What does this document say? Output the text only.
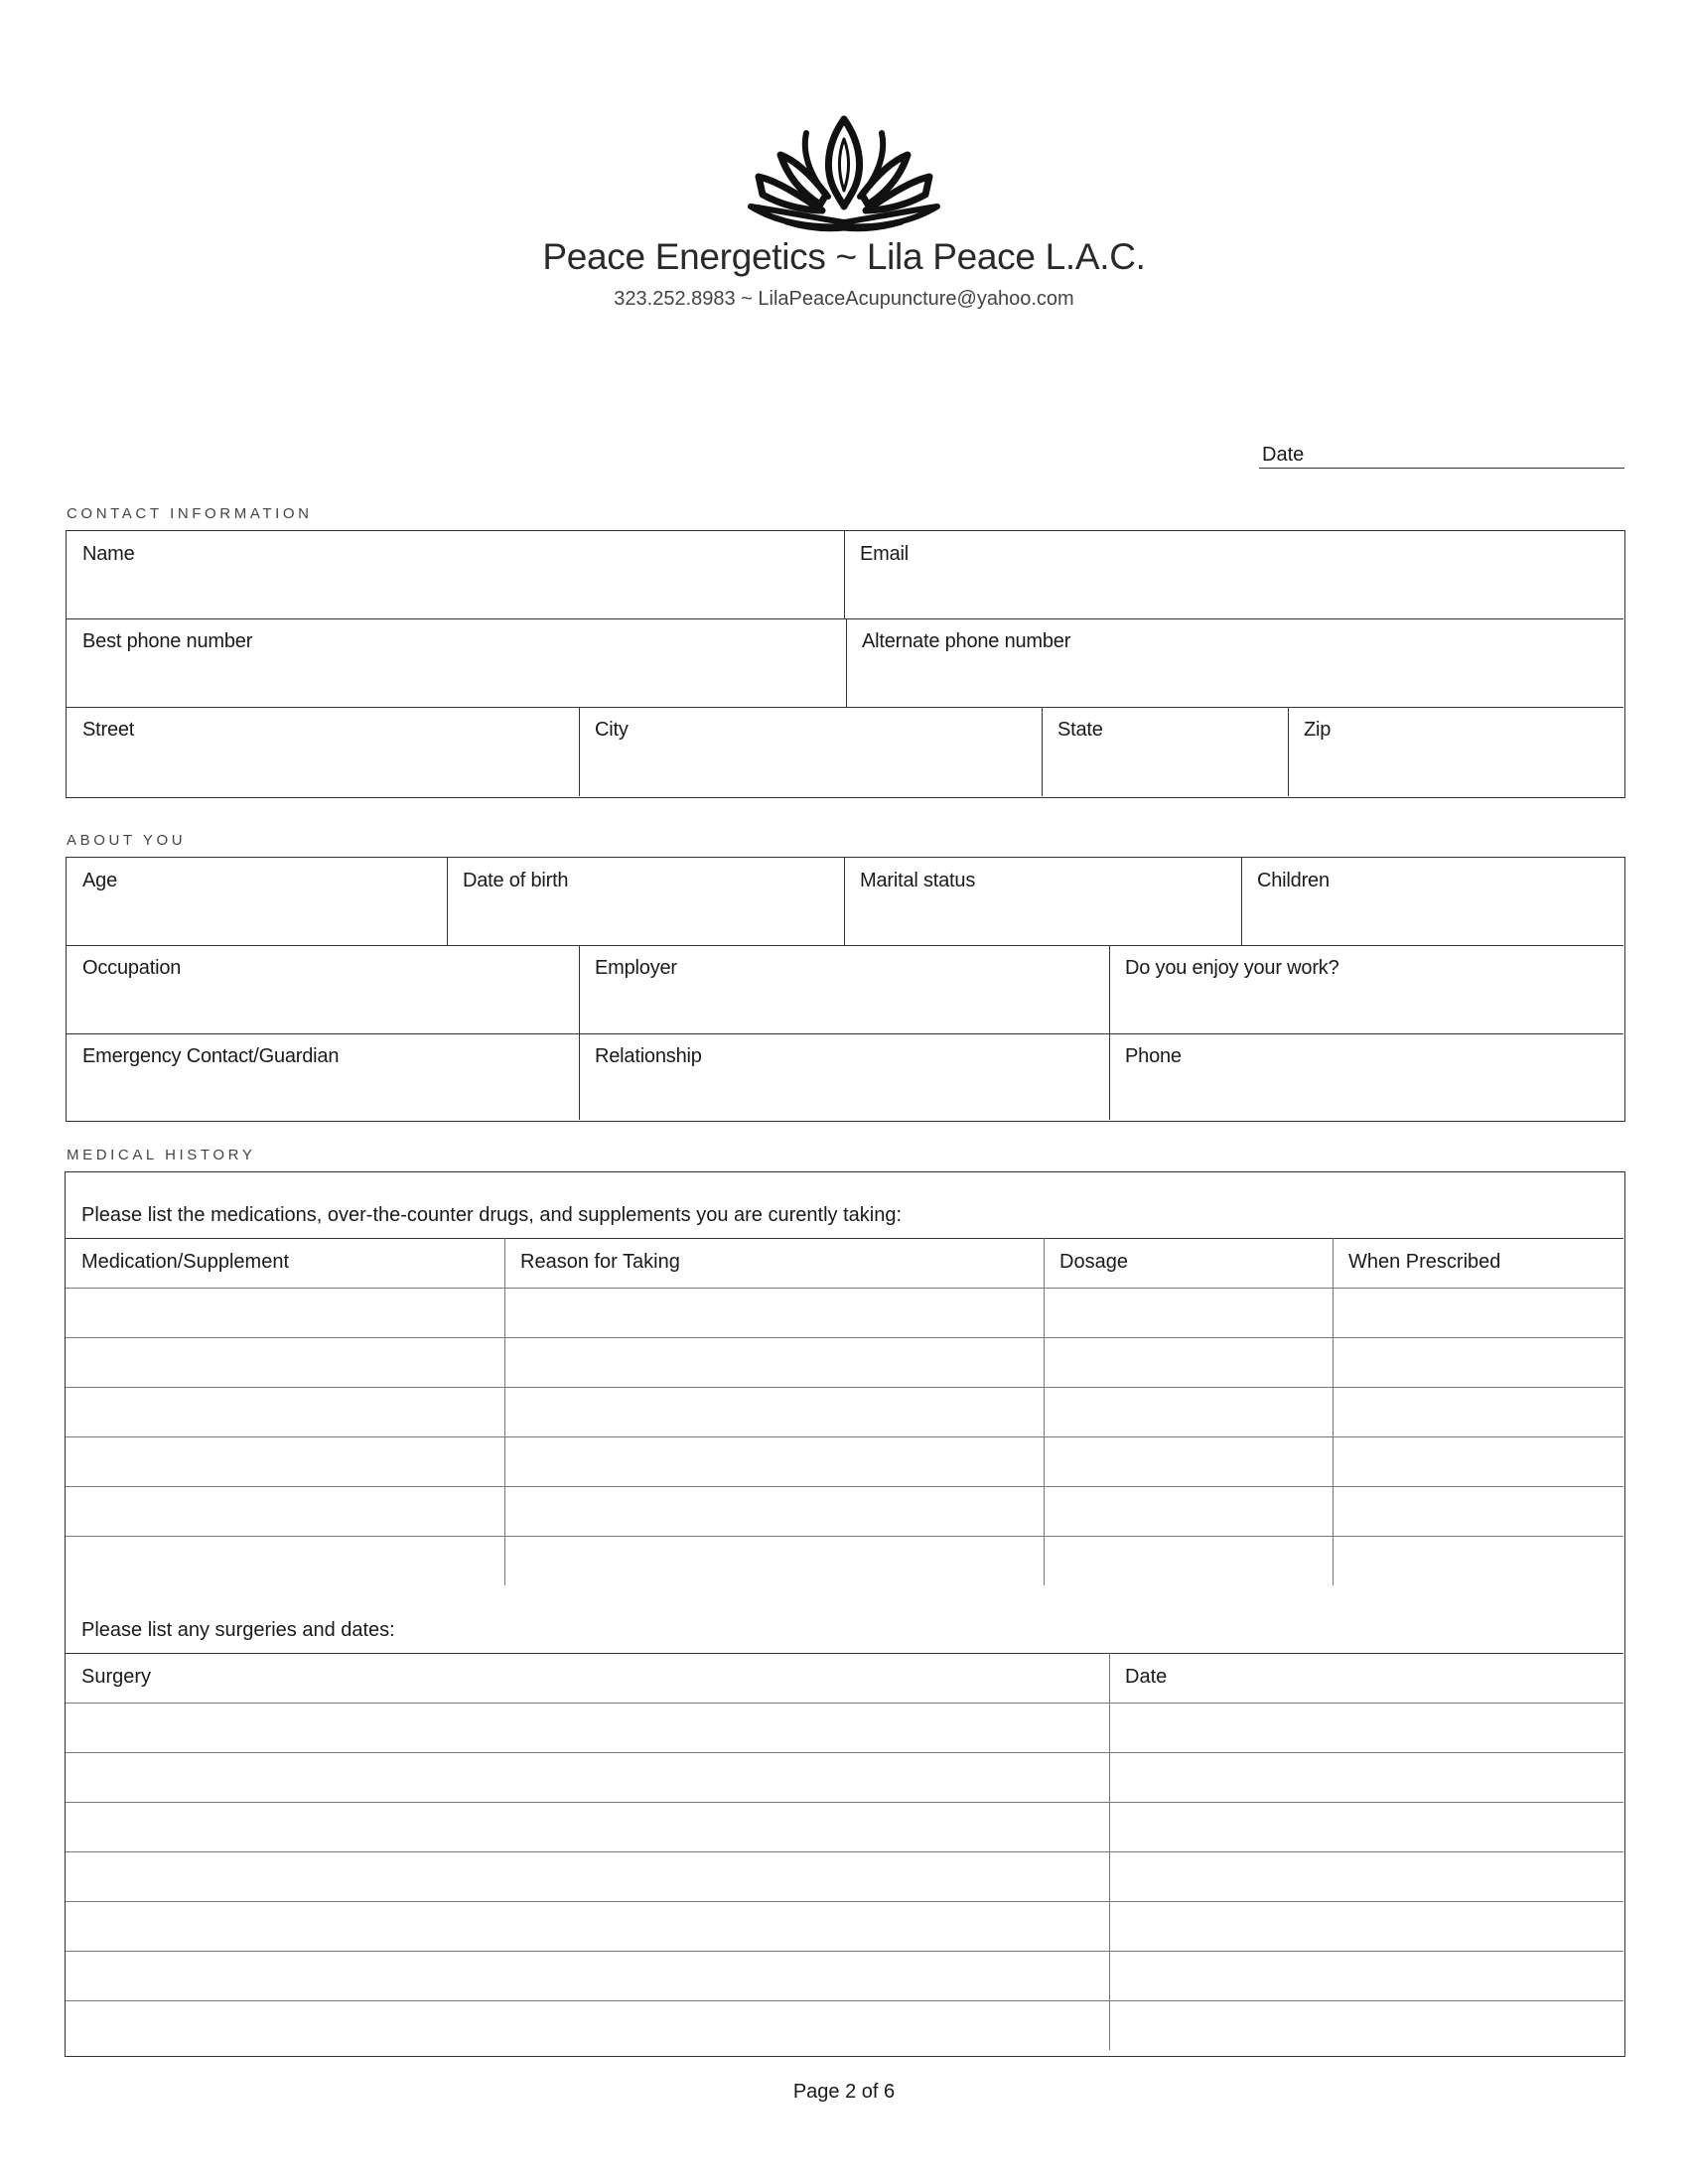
Peace Energetics ~ Lila Peace L.A.C.
323.252.8983 ~ LilaPeaceAcupuncture@yahoo.com
Date
CONTACT INFORMATION
Name	Email
Best phone number	Alternate phone number
Street	City	State	Zip
ABOUT YOU
Age	Date of birth	Marital status	Children
Occupation	Employer	Do you enjoy your work?
Emergency Contact/Guardian	Relationship	Phone
MEDICAL HISTORY
Please list the medications, over-the-counter drugs, and supplements you are curently taking:
Medication/Supplement	Reason for Taking	Dosage	When Prescribed
Please list any surgeries and dates:
Surgery	Date
Page 2 of 6
